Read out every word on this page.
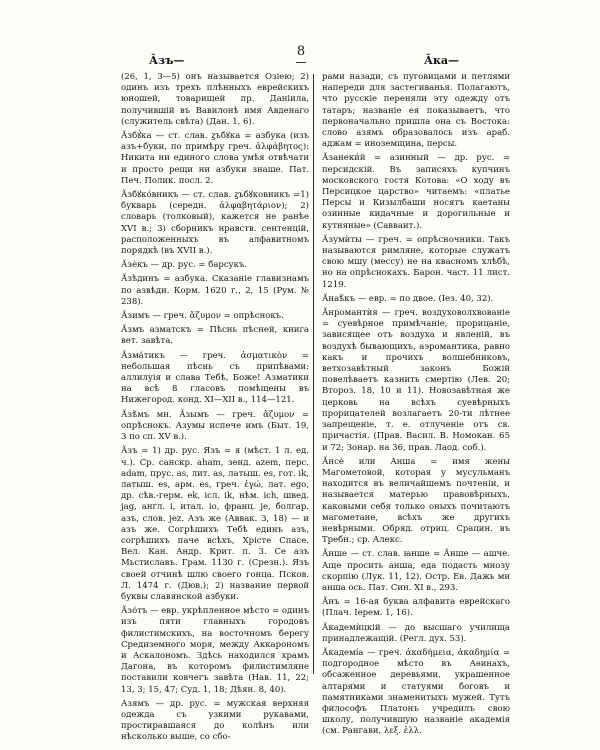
Ӑзъ—
8
Ӑка—

(26, 1, 3—5) онъ называется Озіею; 2) одинъ изъ трехъ плѣнныхъ еврейскихъ юношей, товарищей пр. Даніила, получившій въ Вавилонѣ имя Авденаго (служитель свѣта) (Дан. 1, 6).

Ӑзбꙋ́ка — ст. слав. ꙁъбꙋка = азбука (изъ азъ+буки, по примѣру греч. ἀλφάβητος): Никита ни единого слова умѣя отвѣчати и просто рещи ни азбуки знаше. Пат. Печ. Полик. посл. 2.

Ӑзбꙋкóвникъ — ст. слав. ꙁъбꙋковникъ =1) букварь (середн. ἀλφαβητάριον); 2) словарь (толковый), кажется не ранѣе XVI в.; 3) сборникъ нравств. сентенцій, расположенныхъ въ алфавитномъ порядкѣ (въ XVII в.).

Ӑзѐкъ — др. рус. = барсукъ.

Ӑзѣдинъ = азбука. Сказаніе главизнамъ по азвѣди. Корм. 1620 г., 2, 15 (Рум. № 238).

Ӑзимъ — греч. ἄζυμον = опрѣснокъ.

Ӑзмъ азматскъ = Пѣснь пѣсней, книга вет. завѣта.

Ӑзма́тикъ — греч. ἀσματικὸν = небольшая пѣснь съ припѣвами: аллилуія и слава Тебѣ, Боже! Азматики на всѣ 8 гласовъ помѣщены въ Нижегород. конд. XI—XII в., 114—121.

Ӑзѣ́мъ мн. Ӑзымъ — греч. ἄζυμον = опрѣснокъ. Азумы испече имъ (Быт. 19, 3 по сп. XV в.).

Ӑзъ = 1) др. рус. Язъ = я (мѣст. 1 л. ед. ч.). Ср. санскр. aham, зенд. azem, перс. adam, прус. as, лит. as, латыш. es, гот. ik, латыш. es, арм. es, греч. ἐγώ, лат. ego, др. сѣв.-герм. ek, ісл. ik, нѣм. ich, швед. jag, англ. i, итал. io, франц. je, болгар. азъ, слов. jez. Азъ же (Аввак. 3, 18) — и азъ же. Согрѣшихъ Тебѣ единъ азъ, согрѣшихъ паче всѣхъ, Хрісте Спасе. Вел. Кан. Андр. Крит. п. 3. Се азъ Мьстиславъ. Грам. 1130 г. (Срезн.). Язъ своей отчинѣ шлю своего гонца. Псков. Л. 1474 г. (Дюв.); 2) название первой буквы славянской азбуки.

Ӑзо́тъ — евр. укрѣпленное мѣсто = одинъ изъ пяти главныхъ городовъ филистимскихъ, на восточномъ берегу Средиземного моря, между Аккарономъ и Аскалономъ. Здѣсь находился храмъ Дагона, въ которомъ филистимляне поставили ковчегъ завѣта (Нав. 11, 22; 13, 3; 15, 47; Суд. 1, 18; Дѣян. 8, 40).

Азямъ — др. рус. = мужская верхняя одежда съ узкими рукавами, простиравшаяся до колѣнъ или нѣсколько выше, со сбо-

рами назади, съ пуговицами и петлями напереди для застегиванья. Полагаютъ, что русскіе переняли эту одежду отъ татаръ; названіе ея показываетъ, что первоначально пришла она съ Востока: слово азямъ образовалось изъ араб. аджам = иноземщина, персы.

Ӑзанеки́й = азинный — др. рус. = персидскій. Въ записяхъ купчинъ московского гостя Котова: «О ходу въ Персицкое царство» читаемъ: «платье Персы и Кизылбаши носятъ каетаны озинные кидачные и дорогильные и кутняные» (Савваит.).

Ӑзумѝты — греч. = опрѣсночники. Такъ называются римляне, которые служатъ свою мшу (мессу) не на квасномъ хлѣбѣ, но на опрѣснокахъ. Барон. част. 11 лист. 1219.

Ӑнаѣ́къ — евр. = по двое. (Іез. 40, 32).

Ӑнромантѝя — греч. воздуховолхвованіе = суевѣрное примѣчаніе, прорицаніе, зависящее отъ воздуха и явленій, въ воздухѣ бывающихъ, аэромантика, равно какъ и прочихъ волшебниковъ, ветхозавѣтный законъ Божій повелѣваетъ казнить смертію (Лев. 20; Второз. 18, 10 и 11). Новозавѣтная же церковь на всѣхъ суевѣрныхъ прорицателей возлагаетъ 20-ти лѣтнее запрещеніе, т. е. отлученіе отъ св. причастія. (Прав. Васил. В. Номокан. 65 и 72; Зонар. на 36, прав. Лаод. соб.).

Ӑнсѐ или Анша = имя жены Магометовой, которая у мусульманъ находится въ величайшемъ почтеніи, и называется матерью правовѣрныхъ, каковыми себя только оныхъ почитаютъ магометане, всѣхъ же другихъ невѣрными. Обряд. отриц. Срацин. въ Требн.; ср. Алекс.

Ӑнше — ст. слав. ꙗнше = Ӑнше — ашче. Аще просить анша, еда подасть мнозу скорпію (Лук. 11, 12). Остр. Ев. Дажь ми анша ось. Пат. Син. XI в., 293.

Ӑнъ = 16-ая буква алфавита еврейскаго (Плач. Іерем. 1, 16).

Ӑкадемѝцкій — до высшаго училища принадлежащій. (Регл. дух. 53).

Ӑкадемі́а — греч. ἀκαδήμεια, ἀκαδημία = подгородное мѣсто въ Аѳинахъ, обсаженное деревьями, украшенное алтарями и статуями боговъ и памятниками знаменитыхъ мужей. Тутъ философъ Платонъ учредилъ свою школу, получившую названіе академія (см. Рангави, λεξ. ἑλλ.
